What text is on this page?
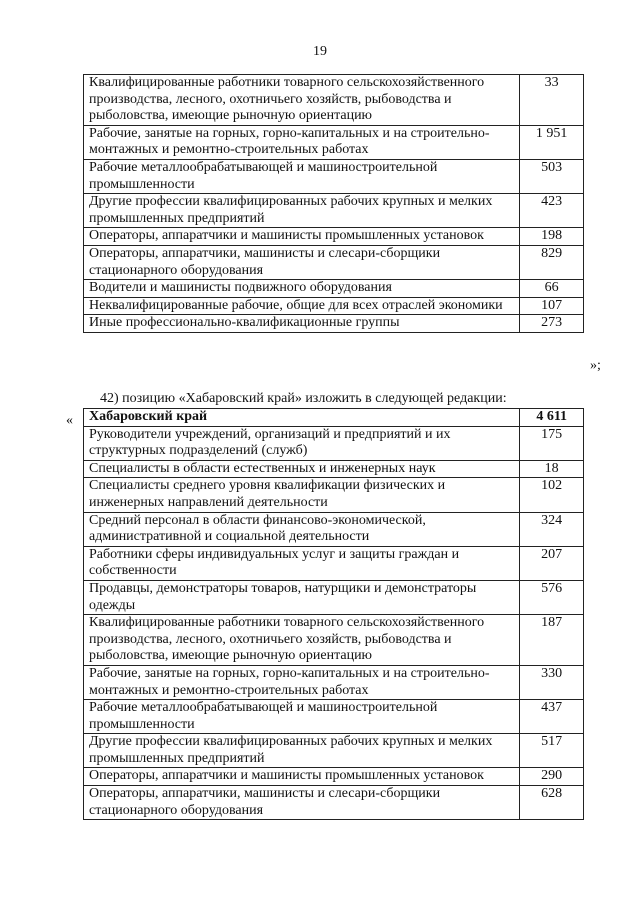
19
Квалифицированные работники товарного сельскохозяйственного производства, лесного, охотничьего хозяйств, рыбоводства и рыболовства, имеющие рыночную ориентацию	33
Рабочие, занятые на горных, горно-капитальных и на строительно-монтажных и ремонтно-строительных работах	1 951
Рабочие металлообрабатывающей и машиностроительной промышленности	503
Другие профессии квалифицированных рабочих крупных и мелких промышленных предприятий	423
Операторы, аппаратчики и машинисты промышленных установок	198
Операторы, аппаратчики, машинисты и слесари-сборщики стационарного оборудования	829
Водители и машинисты подвижного оборудования	66
Неквалифицированные рабочие, общие для всех отраслей экономики	107
Иные профессионально-квалификационные группы	273
»;
42) позицию «Хабаровский край» изложить в следующей редакции:
« Хабаровский край	4 611
Руководители учреждений, организаций и предприятий и их структурных подразделений (служб)	175
Специалисты в области естественных и инженерных наук	18
Специалисты среднего уровня квалификации физических и инженерных направлений деятельности	102
Средний персонал в области финансово-экономической, административной и социальной деятельности	324
Работники сферы индивидуальных услуг и защиты граждан и собственности	207
Продавцы, демонстраторы товаров, натурщики и демонстраторы одежды	576
Квалифицированные работники товарного сельскохозяйственного производства, лесного, охотничьего хозяйств, рыбоводства и рыболовства, имеющие рыночную ориентацию	187
Рабочие, занятые на горных, горно-капитальных и на строительно-монтажных и ремонтно-строительных работах	330
Рабочие металлообрабатывающей и машиностроительной промышленности	437
Другие профессии квалифицированных рабочих крупных и мелких промышленных предприятий	517
Операторы, аппаратчики и машинисты промышленных установок	290
Операторы, аппаратчики, машинисты и слесари-сборщики стационарного оборудования	628
